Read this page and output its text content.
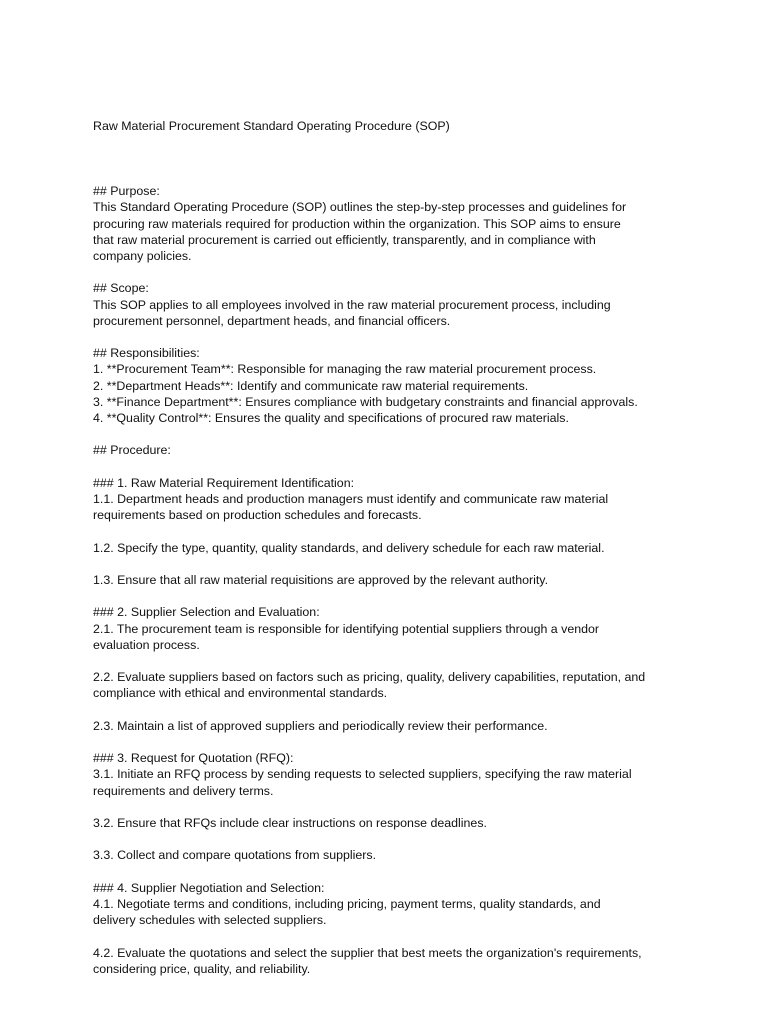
Raw Material Procurement Standard Operating Procedure (SOP)

## Purpose:
This Standard Operating Procedure (SOP) outlines the step-by-step processes and guidelines for
procuring raw materials required for production within the organization. This SOP aims to ensure
that raw material procurement is carried out efficiently, transparently, and in compliance with
company policies.
## Scope:
This SOP applies to all employees involved in the raw material procurement process, including
procurement personnel, department heads, and financial officers.
## Responsibilities:
1. **Procurement Team**: Responsible for managing the raw material procurement process.
2. **Department Heads**: Identify and communicate raw material requirements.
3. **Finance Department**: Ensures compliance with budgetary constraints and financial approvals.
4. **Quality Control**: Ensures the quality and specifications of procured raw materials.
## Procedure:
### 1. Raw Material Requirement Identification:
1.1. Department heads and production managers must identify and communicate raw material
requirements based on production schedules and forecasts.
1.2. Specify the type, quantity, quality standards, and delivery schedule for each raw material.
1.3. Ensure that all raw material requisitions are approved by the relevant authority.
### 2. Supplier Selection and Evaluation:
2.1. The procurement team is responsible for identifying potential suppliers through a vendor
evaluation process.
2.2. Evaluate suppliers based on factors such as pricing, quality, delivery capabilities, reputation, and
compliance with ethical and environmental standards.
2.3. Maintain a list of approved suppliers and periodically review their performance.
### 3. Request for Quotation (RFQ):
3.1. Initiate an RFQ process by sending requests to selected suppliers, specifying the raw material
requirements and delivery terms.
3.2. Ensure that RFQs include clear instructions on response deadlines.
3.3. Collect and compare quotations from suppliers.
### 4. Supplier Negotiation and Selection:
4.1. Negotiate terms and conditions, including pricing, payment terms, quality standards, and
delivery schedules with selected suppliers.
4.2. Evaluate the quotations and select the supplier that best meets the organization's requirements,
considering price, quality, and reliability.
